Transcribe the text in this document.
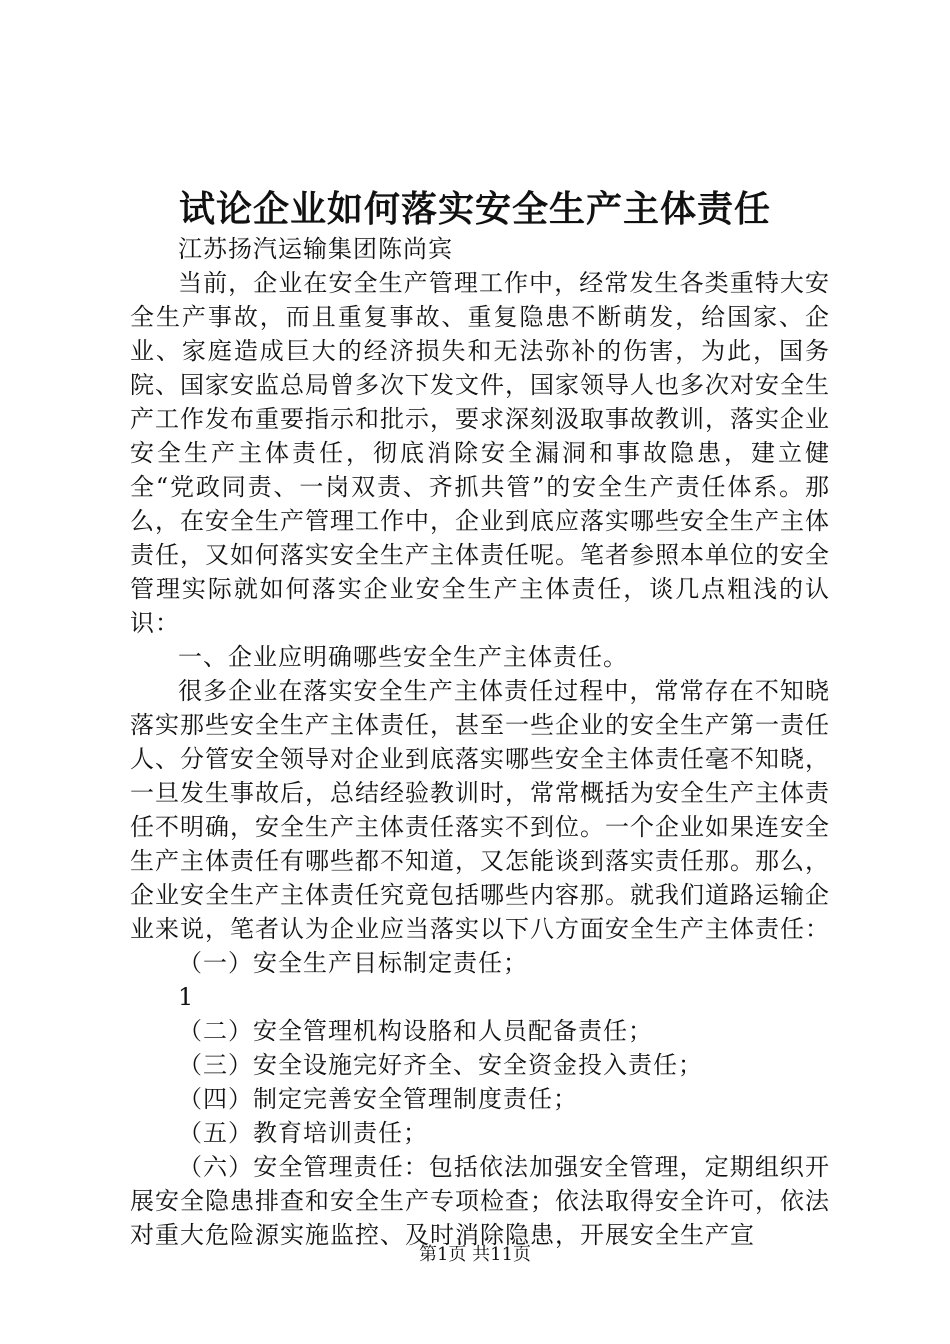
试论企业如何落实安全生产主体责任

江苏扬汽运输集团陈尚宾

当前，企业在安全生产管理工作中，经常发生各类重特大安全生产事故，而且重复事故、重复隐患不断萌发，给国家、企业、家庭造成巨大的经济损失和无法弥补的伤害，为此，国务院、国家安监总局曾多次下发文件，国家领导人也多次对安全生产工作发布重要指示和批示，要求深刻汲取事故教训，落实企业安全生产主体责任，彻底消除安全漏洞和事故隐患，建立健全“党政同责、一岗双责、齐抓共管”的安全生产责任体系。那么，在安全生产管理工作中，企业到底应落实哪些安全生产主体责任，又如何落实安全生产主体责任呢。笔者参照本单位的安全管理实际就如何落实企业安全生产主体责任，谈几点粗浅的认识：

一、企业应明确哪些安全生产主体责任。

很多企业在落实安全生产主体责任过程中，常常存在不知晓落实那些安全生产主体责任，甚至一些企业的安全生产第一责任人、分管安全领导对企业到底落实哪些安全主体责任毫不知晓，一旦发生事故后，总结经验教训时，常常概括为安全生产主体责任不明确，安全生产主体责任落实不到位。一个企业如果连安全生产主体责任有哪些都不知道，又怎能谈到落实责任那。那么，企业安全生产主体责任究竟包括哪些内容那。就我们道路运输企业来说，笔者认为企业应当落实以下八方面安全生产主体责任：

（一）安全生产目标制定责任；

1

（二）安全管理机构设胳和人员配备责任；

（三）安全设施完好齐全、安全资金投入责任；

（四）制定完善安全管理制度责任；

（五）教育培训责任；

（六）安全管理责任：包括依法加强安全管理，定期组织开展安全隐患排查和安全生产专项检查；依法取得安全许可，依法对重大危险源实施监控、及时消除隐患，开展安全生产宣

第1页 共11页
